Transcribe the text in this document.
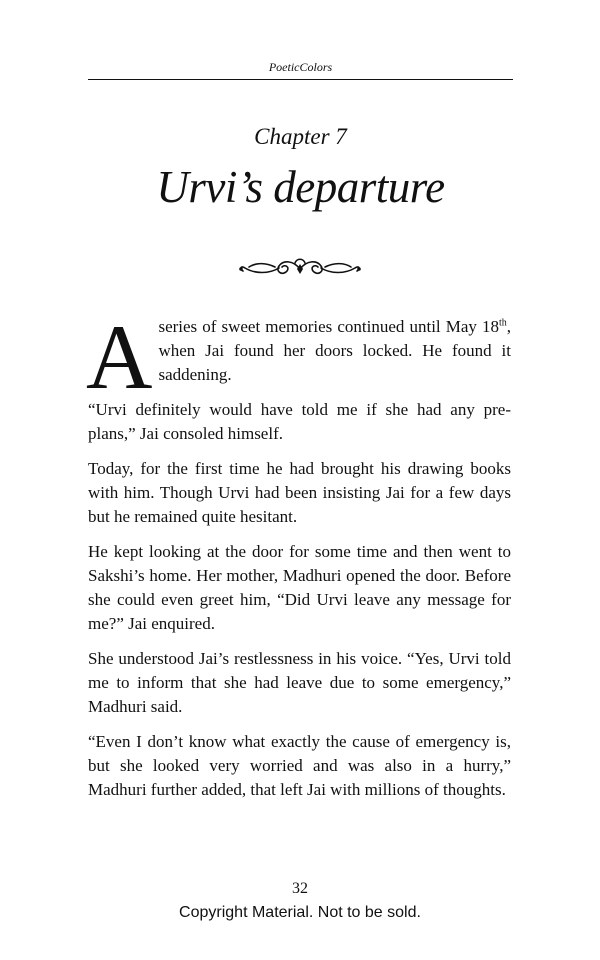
PoeticColors
Chapter 7
Urvi’s departure

A series of sweet memories continued until May 18th, when Jai found her doors locked. He found it saddening.

“Urvi definitely would have told me if she had any pre-plans,” Jai consoled himself.

Today, for the first time he had brought his drawing books with him. Though Urvi had been insisting Jai for a few days but he remained quite hesitant.

He kept looking at the door for some time and then went to Sakshi’s home. Her mother, Madhuri opened the door. Before she could even greet him, “Did Urvi leave any message for me?” Jai enquired.

She understood Jai’s restlessness in his voice. “Yes, Urvi told me to inform that she had leave due to some emergency,” Madhuri said.

“Even I don’t know what exactly the cause of emergency is, but she looked very worried and was also in a hurry,” Madhuri further added, that left Jai with millions of thoughts.

32
Copyright Material. Not to be sold.
